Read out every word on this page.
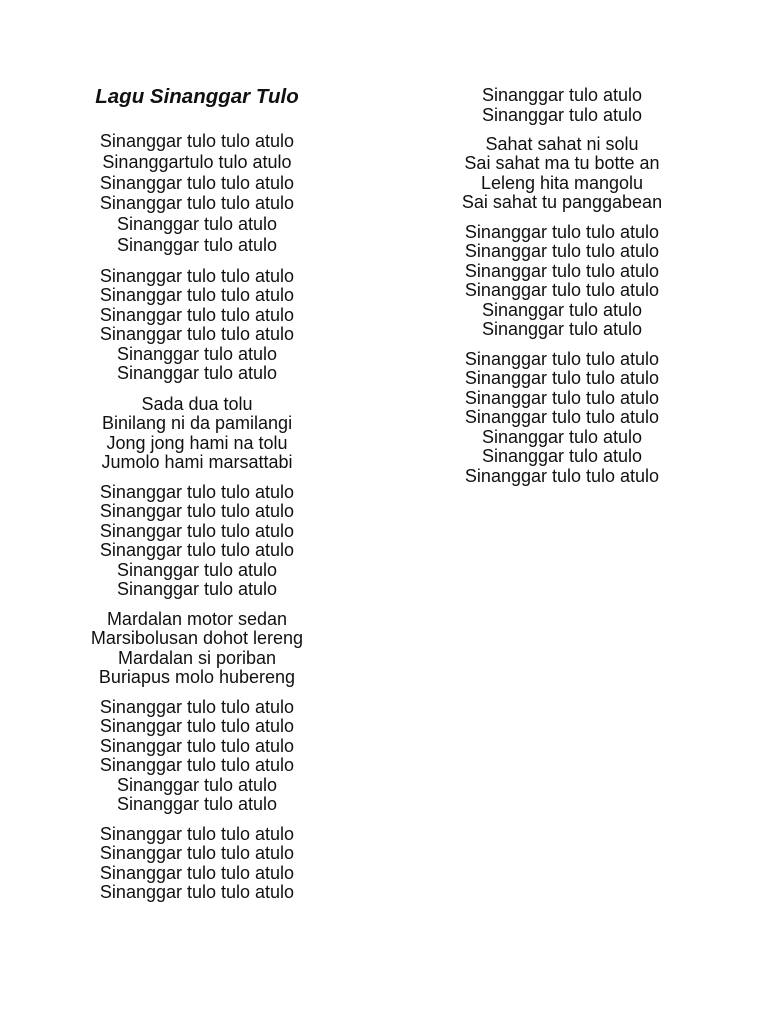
Lagu Sinanggar Tulo
Sinanggar tulo tulo atulo
Sinanggartulo tulo atulo
Sinanggar tulo tulo atulo
Sinanggar tulo tulo atulo
Sinanggar tulo atulo
Sinanggar tulo atulo
Sinanggar tulo tulo atulo
Sinanggar tulo tulo atulo
Sinanggar tulo tulo atulo
Sinanggar tulo tulo atulo
Sinanggar tulo atulo
Sinanggar tulo atulo
Sada dua tolu
Binilang ni da pamilangi
Jong jong hami na tolu
Jumolo hami marsattabi
Sinanggar tulo tulo atulo
Sinanggar tulo tulo atulo
Sinanggar tulo tulo atulo
Sinanggar tulo tulo atulo
Sinanggar tulo atulo
Sinanggar tulo atulo
Mardalan motor sedan
Marsibolusan dohot lereng
Mardalan si poriban
Buriapus molo hubereng
Sinanggar tulo tulo atulo
Sinanggar tulo tulo atulo
Sinanggar tulo tulo atulo
Sinanggar tulo tulo atulo
Sinanggar tulo atulo
Sinanggar tulo atulo
Sinanggar tulo tulo atulo
Sinanggar tulo tulo atulo
Sinanggar tulo tulo atulo
Sinanggar tulo tulo atulo
Sinanggar tulo atulo
Sinanggar tulo atulo
Sahat sahat ni solu
Sai sahat ma tu botte an
Leleng hita mangolu
Sai sahat tu panggabean
Sinanggar tulo tulo atulo
Sinanggar tulo tulo atulo
Sinanggar tulo tulo atulo
Sinanggar tulo tulo atulo
Sinanggar tulo atulo
Sinanggar tulo atulo
Sinanggar tulo tulo atulo
Sinanggar tulo tulo atulo
Sinanggar tulo tulo atulo
Sinanggar tulo tulo atulo
Sinanggar tulo atulo
Sinanggar tulo atulo
Sinanggar tulo tulo atulo
